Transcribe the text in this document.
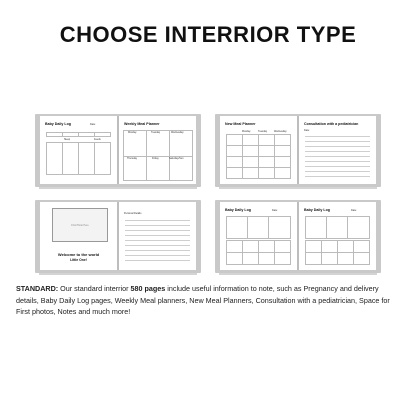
CHOOSE INTERRIOR TYPE
Baby Daily Log	Date:
Sleep	Feeds
Weekly Meal Planner
Monday	Tuesday	Wednesday
Thursday	Friday	Saturday/Sun
New Meal Planner
Monday	Tuesday	Wednesday
Consultation with a pediatrician
Date:
First Photo Here
Welcome to the world
Little One!
Personal Details
Baby Daily Log	Date:	Baby Daily Log	Date:
STANDARD: Our standard interrior 580 pages include useful information to note, such as Pregnancy and delivery details, Baby Daily Log pages, Weekly Meal planners, New Meal Planners, Consultation with a pediatrician, Space for First photos, Notes and much more!
